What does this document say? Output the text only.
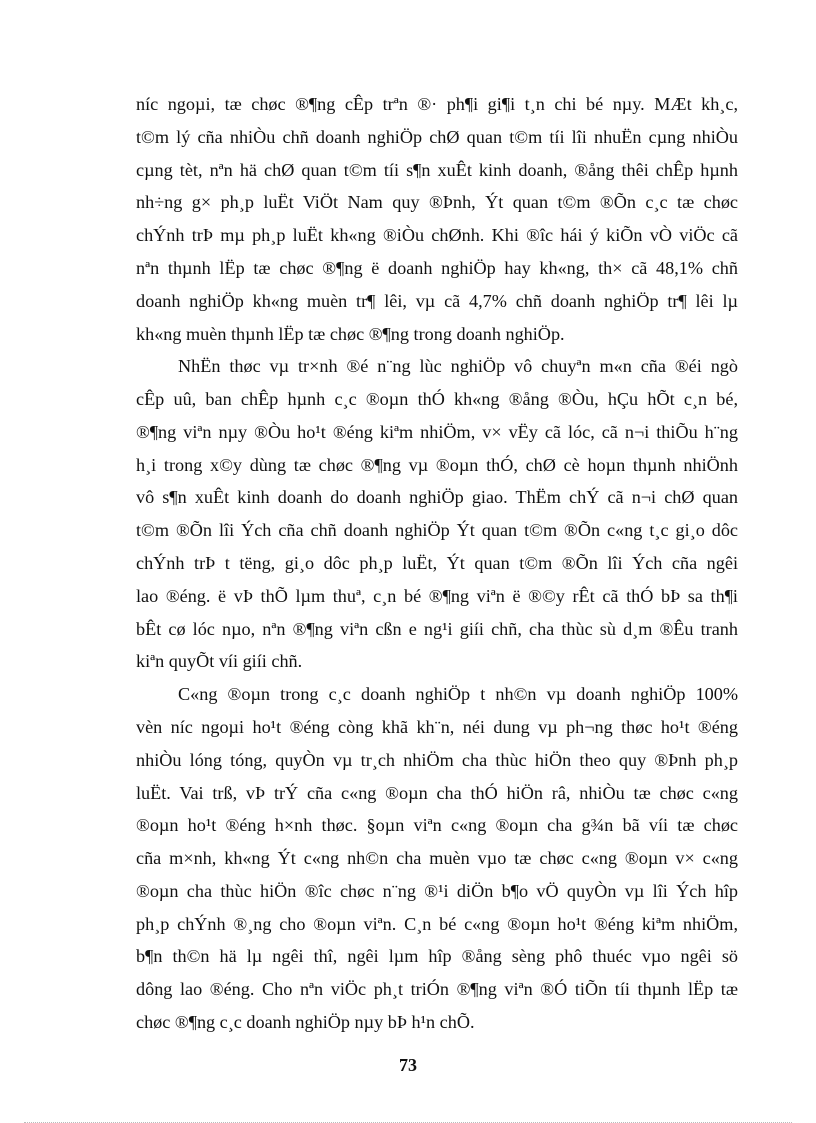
níc ngoµi, tæ chøc ®¶ng cÊp trªn ®· ph¶i gi¶i t¸n chi bé nµy. MÆt kh¸c,
t©m lý cña nhiÒu chñ doanh nghiÖp chØ quan t©m tíi lîi nhuËn cµng nhiÒu
cµng tèt, nªn hä chØ quan t©m tíi s¶n xuÊt kinh doanh, ®ång thêi chÊp hµnh
nh÷ng g× ph¸p luËt ViÖt Nam quy ®Þnh, Ýt quan t©m ®Õn c¸c tæ chøc
chÝnh trÞ mµ ph¸p luËt kh«ng ®iÒu chØnh. Khi ®îc hái ý kiÕn vÒ viÖc cã
nªn thµnh lËp tæ chøc ®¶ng ë doanh nghiÖp hay kh«ng, th× cã 48,1% chñ
doanh nghiÖp kh«ng muèn tr¶ lêi, vµ cã 4,7% chñ doanh nghiÖp tr¶ lêi lµ
kh«ng muèn thµnh lËp tæ chøc ®¶ng trong doanh nghiÖp.
NhËn thøc vµ tr×nh ®é n¨ng lùc nghiÖp vô chuyªn m«n cña ®éi ngò
cÊp uû, ban chÊp hµnh c¸c ®oµn thÓ kh«ng ®ång ®Òu, hÇu hÕt c¸n bé,
®¶ng viªn nµy ®Òu ho¹t ®éng kiªm nhiÖm, v× vËy cã lóc, cã n¬i thiÕu h¨ng
h¸i trong x©y dùng tæ chøc ®¶ng vµ ®oµn thÓ, chØ cè hoµn thµnh nhiÖnh
vô s¶n xuÊt kinh doanh do doanh nghiÖp giao. ThËm chÝ cã n¬i chØ quan
t©m ®Õn lîi Ých cña chñ doanh nghiÖp Ýt quan t©m ®Õn c«ng t¸c gi¸o dôc
chÝnh trÞ t tëng, gi¸o dôc ph¸p luËt, Ýt quan t©m ®Õn lîi Ých cña ngêi
lao ®éng. ë vÞ thÕ lµm thuª, c¸n bé ®¶ng viªn ë ®©y rÊt cã thÓ bÞ sa th¶i
bÊt cø lóc nµo, nªn ®¶ng viªn cßn e ng¹i giíi chñ, cha thùc sù d¸m ®Êu tranh
kiªn quyÕt víi giíi chñ.
C«ng ®oµn trong c¸c doanh nghiÖp t nh©n vµ doanh nghiÖp 100%
vèn níc ngoµi ho¹t ®éng còng khã kh¨n, néi dung vµ ph¬ng thøc ho¹t ®éng
nhiÒu lóng tóng, quyÒn vµ tr¸ch nhiÖm cha thùc hiÖn theo quy ®Þnh ph¸p
luËt. Vai trß, vÞ trÝ cña c«ng ®oµn cha thÓ hiÖn râ, nhiÒu tæ chøc c«ng
®oµn ho¹t ®éng h×nh thøc. §oµn viªn c«ng ®oµn cha g¾n bã víi tæ chøc
cña m×nh, kh«ng Ýt c«ng nh©n cha muèn vµo tæ chøc c«ng ®oµn v× c«ng
®oµn cha thùc hiÖn ®îc chøc n¨ng ®¹i diÖn b¶o vÖ quyÒn vµ lîi Ých hîp
ph¸p chÝnh ®¸ng cho ®oµn viªn. C¸n bé c«ng ®oµn ho¹t ®éng kiªm nhiÖm,
b¶n th©n hä lµ ngêi thî, ngêi lµm hîp ®ång sèng phô thuéc vµo ngêi sö
dông lao ®éng. Cho nªn viÖc ph¸t triÓn ®¶ng viªn ®Ó tiÕn tíi thµnh lËp tæ
chøc ®¶ng c¸c doanh nghiÖp nµy bÞ h¹n chÕ.
73
